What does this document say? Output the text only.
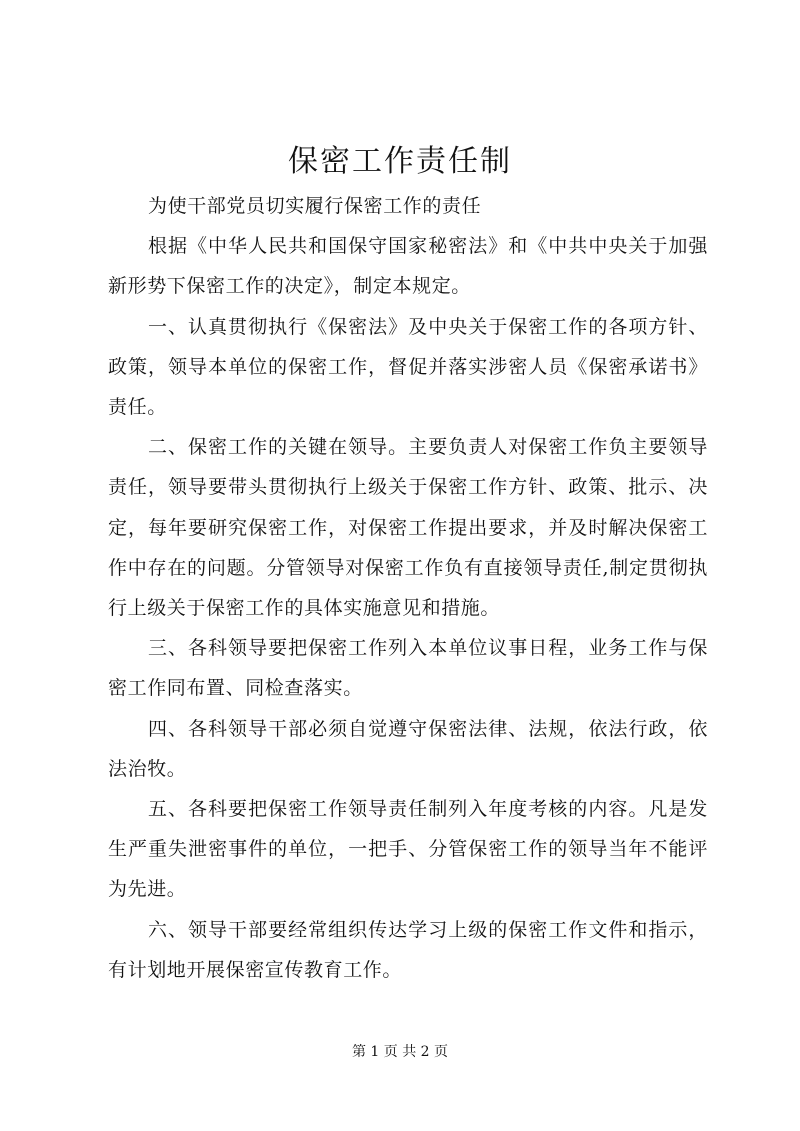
保密工作责任制

为使干部党员切实履行保密工作的责任

根据《中华人民共和国保守国家秘密法》和《中共中央关于加强新形势下保密工作的决定》，制定本规定。

一、认真贯彻执行《保密法》及中央关于保密工作的各项方针、政策，领导本单位的保密工作，督促并落实涉密人员《保密承诺书》责任。

二、保密工作的关键在领导。主要负责人对保密工作负主要领导责任，领导要带头贯彻执行上级关于保密工作方针、政策、批示、决定，每年要研究保密工作，对保密工作提出要求，并及时解决保密工作中存在的问题。分管领导对保密工作负有直接领导责任,制定贯彻执行上级关于保密工作的具体实施意见和措施。

三、各科领导要把保密工作列入本单位议事日程，业务工作与保密工作同布置、同检查落实。

四、各科领导干部必须自觉遵守保密法律、法规，依法行政，依法治牧。

五、各科要把保密工作领导责任制列入年度考核的内容。凡是发生严重失泄密事件的单位，一把手、分管保密工作的领导当年不能评为先进。

六、领导干部要经常组织传达学习上级的保密工作文件和指示，有计划地开展保密宣传教育工作。

第 1 页 共 2 页
